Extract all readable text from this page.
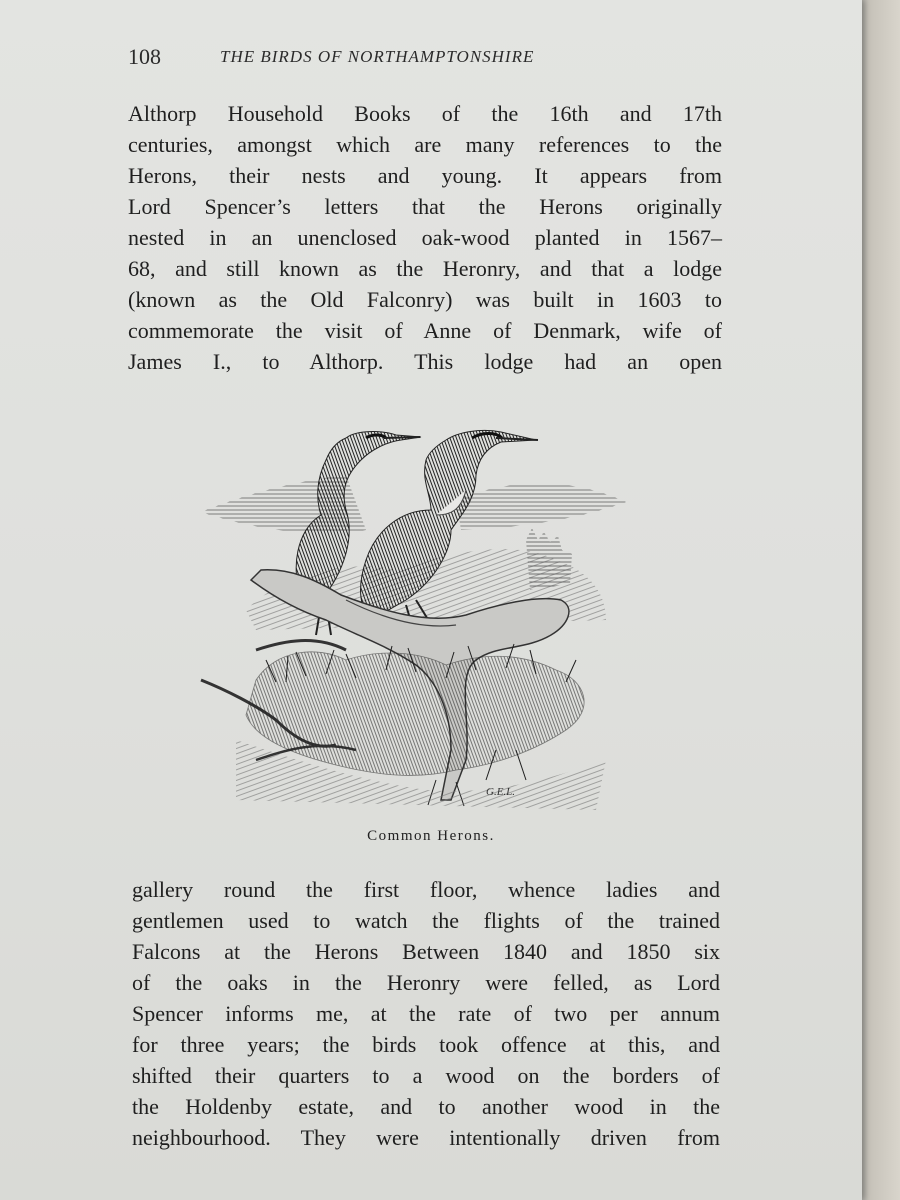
108	THE BIRDS OF NORTHAMPTONSHIRE
Althorp Household Books of the 16th and 17th
centuries, amongst which are many references to the
Herons, their nests and young. It appears from
Lord Spencer’s letters that the Herons originally
nested in an unenclosed oak-wood planted in 1567–
68, and still known as the Heronry, and that a lodge
(known as the Old Falconry) was built in 1603 to
commemorate the visit of Anne of Denmark, wife of
James I., to Althorp. This lodge had an open
G.E.L.
Common Herons.
gallery round the first floor, whence ladies and
gentlemen used to watch the flights of the trained
Falcons at the Herons Between 1840 and 1850 six
of the oaks in the Heronry were felled, as Lord
Spencer informs me, at the rate of two per annum
for three years; the birds took offence at this, and
shifted their quarters to a wood on the borders of
the Holdenby estate, and to another wood in the
neighbourhood. They were intentionally driven from
